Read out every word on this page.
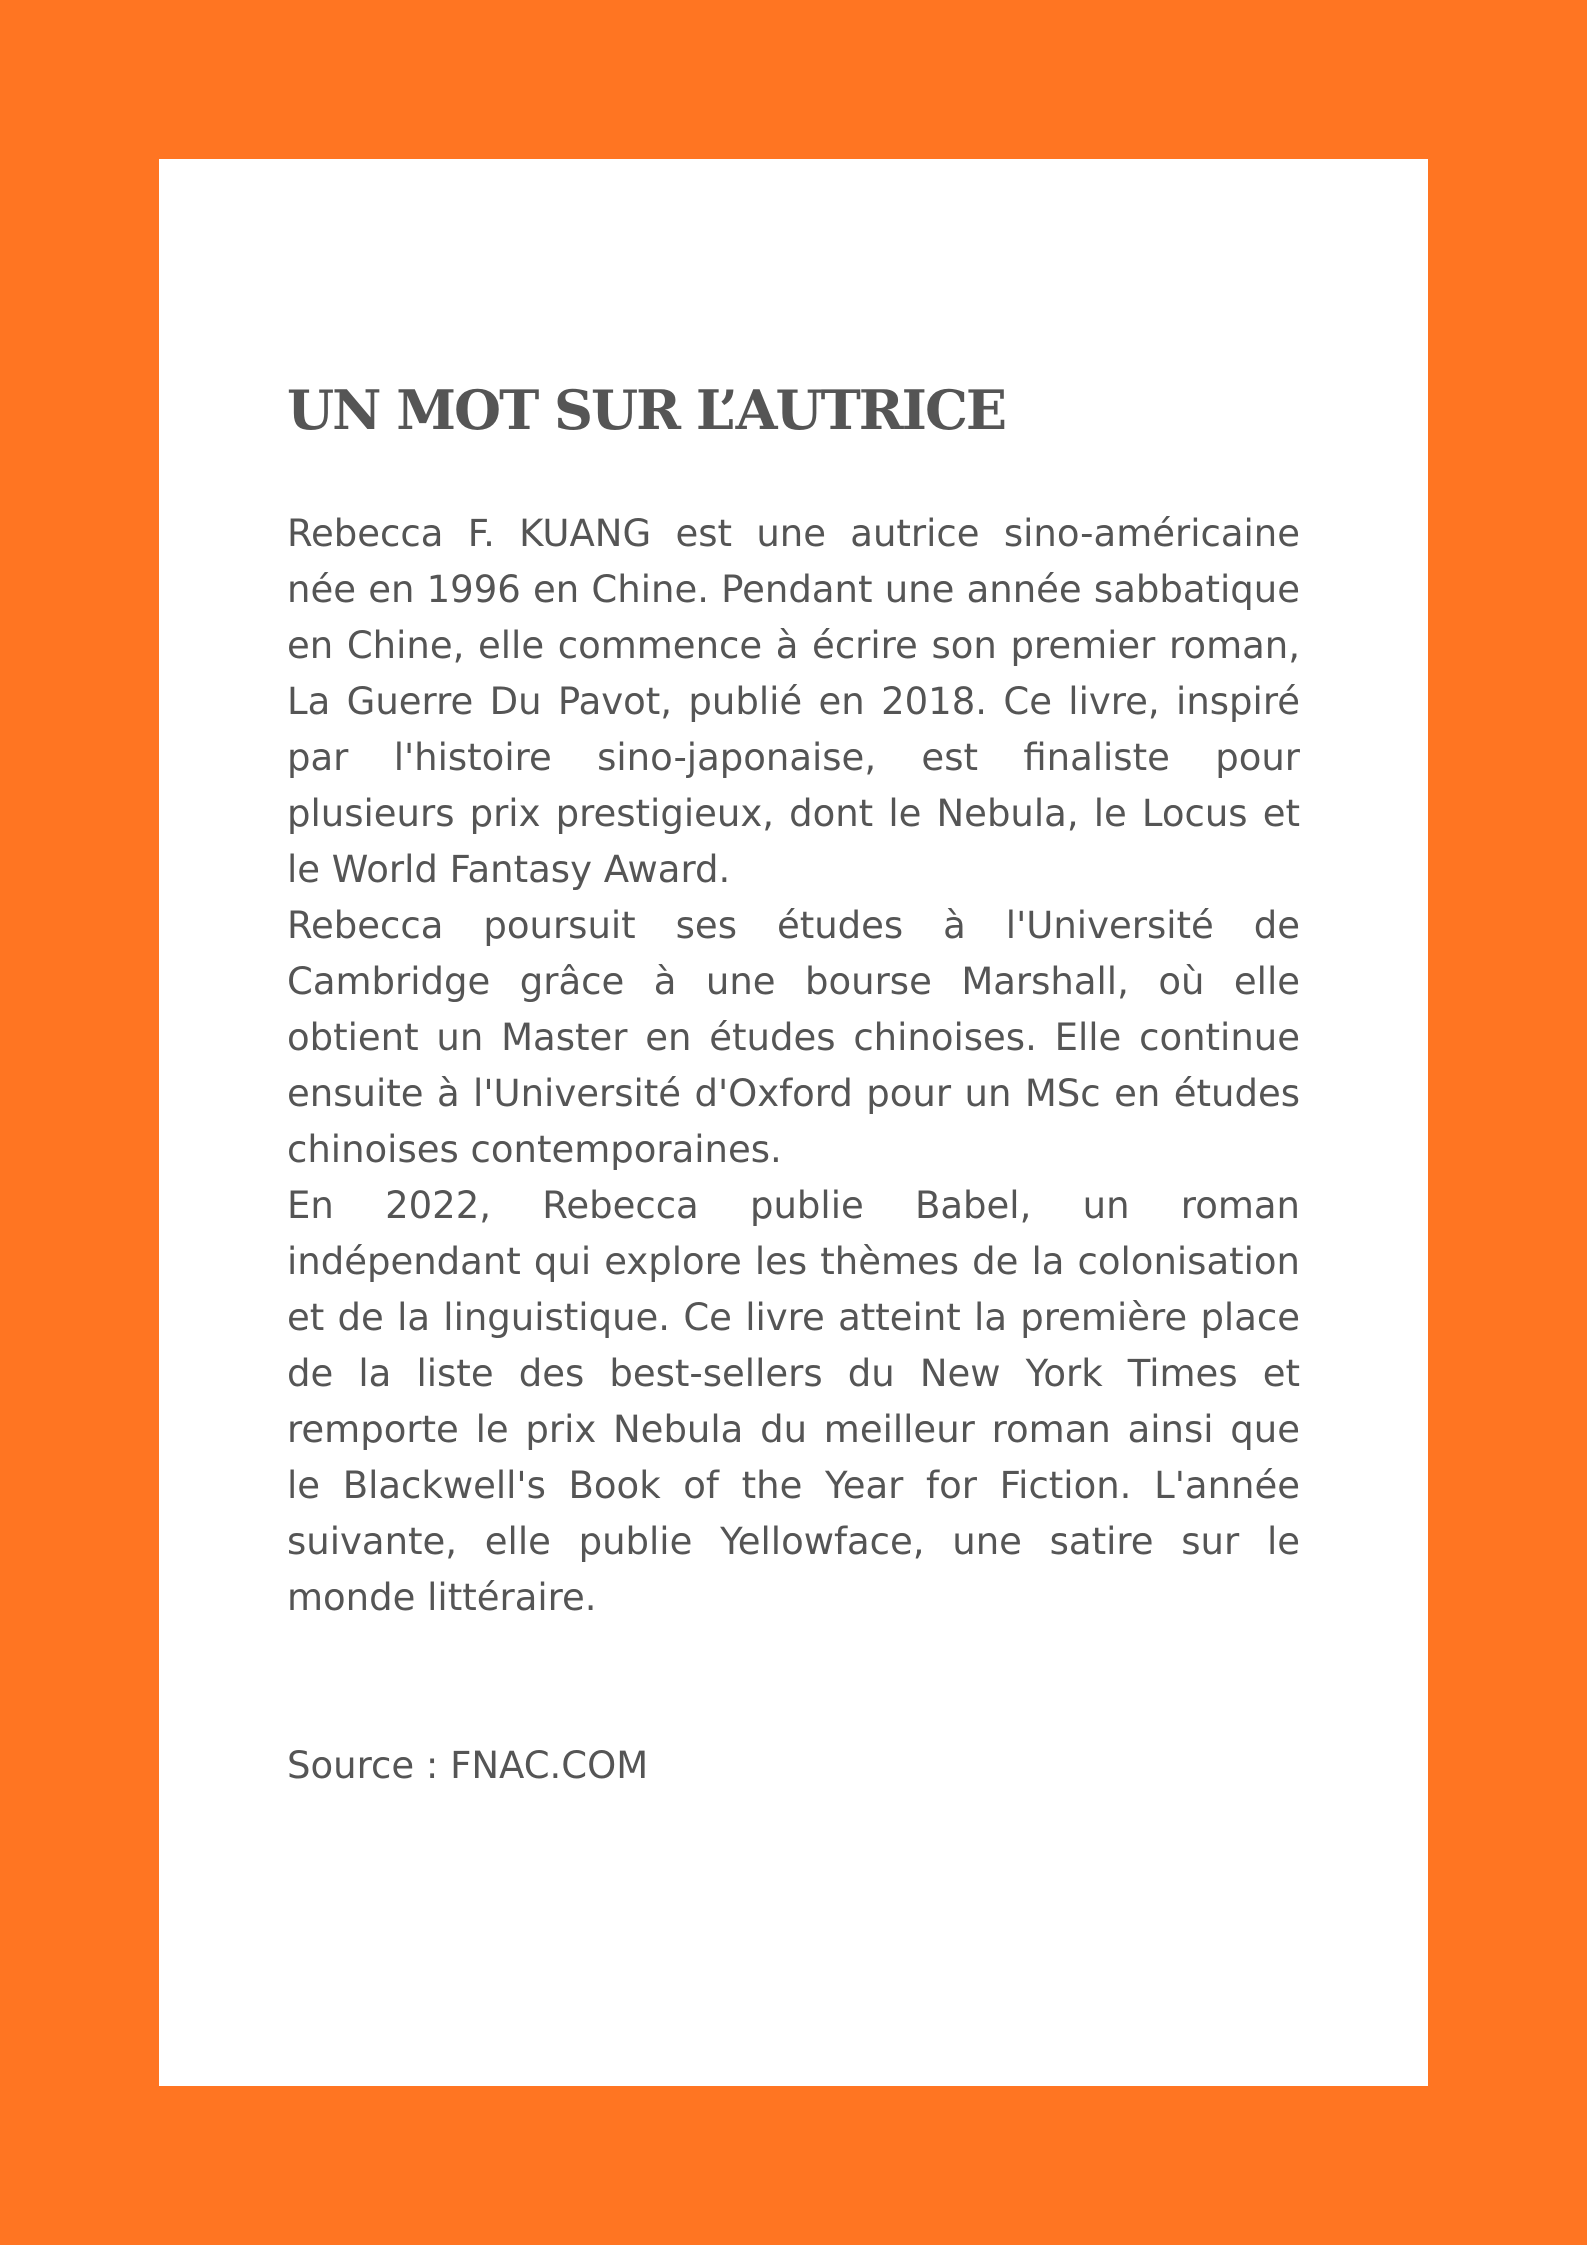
UN MOT SUR L’AUTRICE

Rebecca F. KUANG est une autrice sino-américaine née en 1996 en Chine. Pendant une année sabbatique en Chine, elle commence à écrire son premier roman, La Guerre Du Pavot, publié en 2018. Ce livre, inspiré par l'histoire sino-japonaise, est finaliste pour plusieurs prix prestigieux, dont le Nebula, le Locus et le World Fantasy Award.

Rebecca poursuit ses études à l'Université de Cambridge grâce à une bourse Marshall, où elle obtient un Master en études chinoises. Elle continue ensuite à l'Université d'Oxford pour un MSc en études chinoises contemporaines.

En 2022, Rebecca publie Babel, un roman indépendant qui explore les thèmes de la colonisation et de la linguistique. Ce livre atteint la première place de la liste des best-sellers du New York Times et remporte le prix Nebula du meilleur roman ainsi que le Blackwell's Book of the Year for Fiction. L'année suivante, elle publie Yellowface, une satire sur le monde littéraire.

Source : FNAC.COM
